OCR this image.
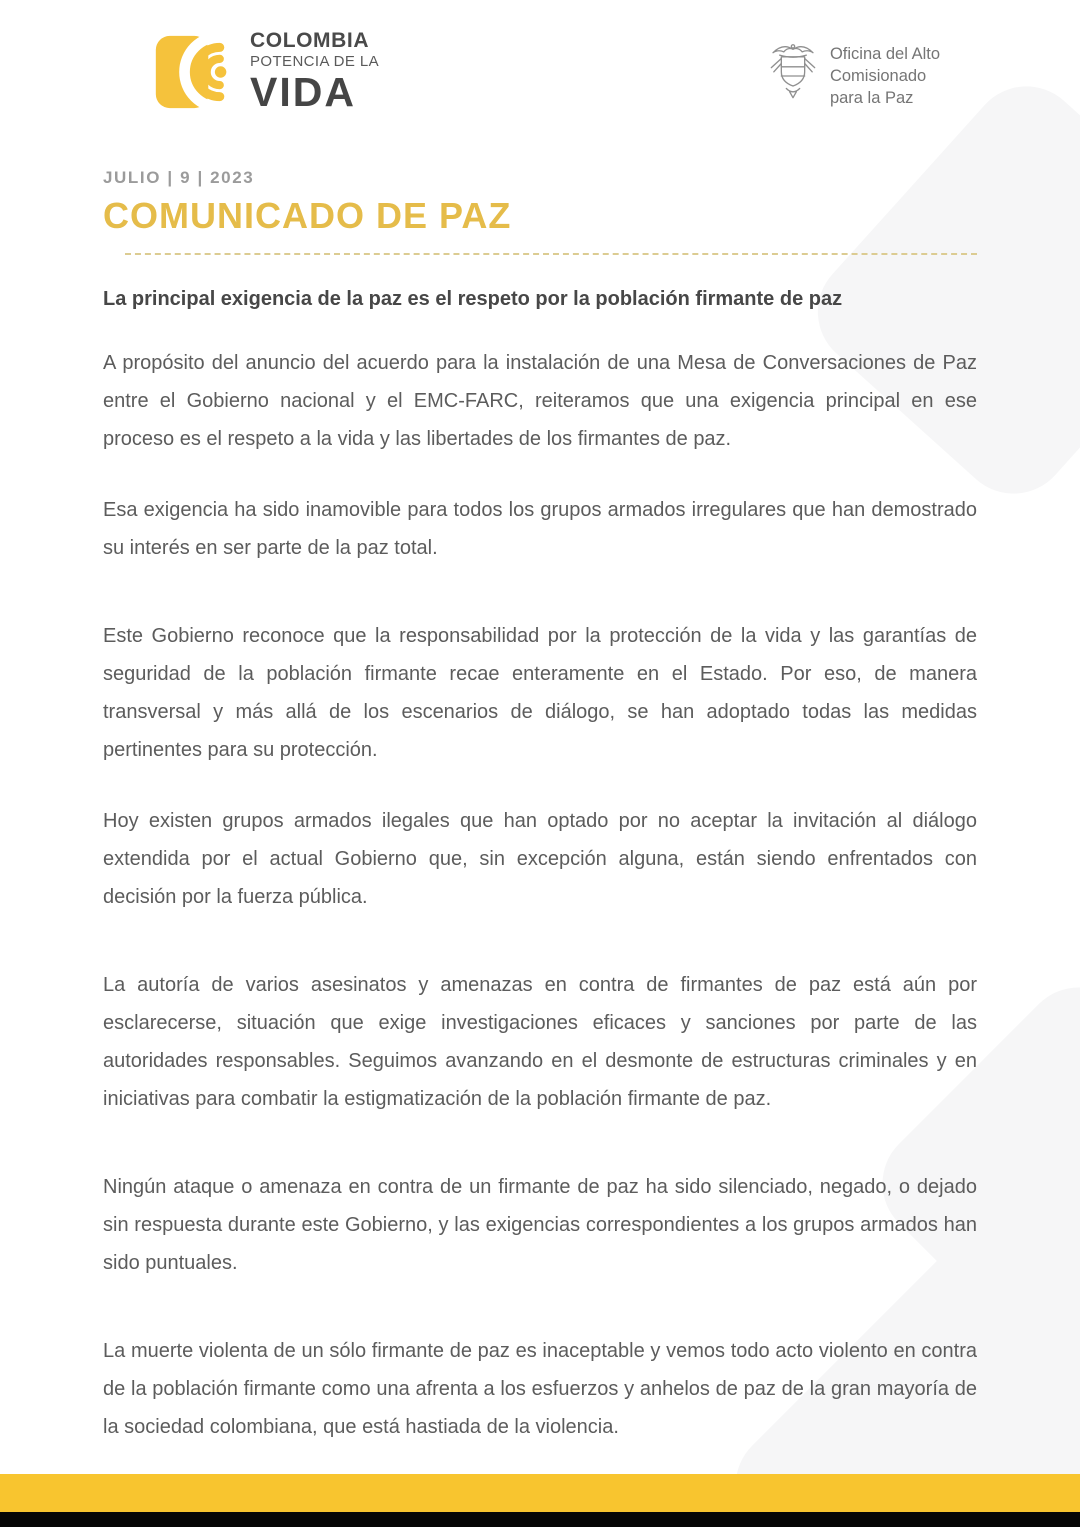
COLOMBIA
POTENCIA DE LA
VIDA
Oficina del Alto
Comisionado
para la Paz
JULIO | 9 | 2023
COMUNICADO DE PAZ
La principal exigencia de la paz es el respeto por la población firmante de paz

A propósito del anuncio del acuerdo para la instalación de una Mesa de Conversaciones de Paz entre el Gobierno nacional y el EMC-FARC, reiteramos que una exigencia principal en ese proceso es el respeto a la vida y las libertades de los firmantes de paz.

Esa exigencia ha sido inamovible para todos los grupos armados irregulares que han demostrado su interés en ser parte de la paz total.

Este Gobierno reconoce que la responsabilidad por la protección de la vida y las garantías de seguridad de la población firmante recae enteramente en el Estado. Por eso, de manera transversal y más allá de los escenarios de diálogo, se han adoptado todas las medidas pertinentes para su protección.

Hoy existen grupos armados ilegales que han optado por no aceptar la invitación al diálogo extendida por el actual Gobierno que, sin excepción alguna, están siendo enfrentados con decisión por la fuerza pública.

La autoría de varios asesinatos y amenazas en contra de firmantes de paz está aún por esclarecerse, situación que exige investigaciones eficaces y sanciones por parte de las autoridades responsables. Seguimos avanzando en el desmonte de estructuras criminales y en iniciativas para combatir la estigmatización de la población firmante de paz.

Ningún ataque o amenaza en contra de un firmante de paz ha sido silenciado, negado, o dejado sin respuesta durante este Gobierno, y las exigencias correspondientes a los grupos armados han sido puntuales.

La muerte violenta de un sólo firmante de paz es inaceptable y vemos todo acto violento en contra de la población firmante como una afrenta a los esfuerzos y anhelos de paz de la gran mayoría de la sociedad colombiana, que está hastiada de la violencia.
